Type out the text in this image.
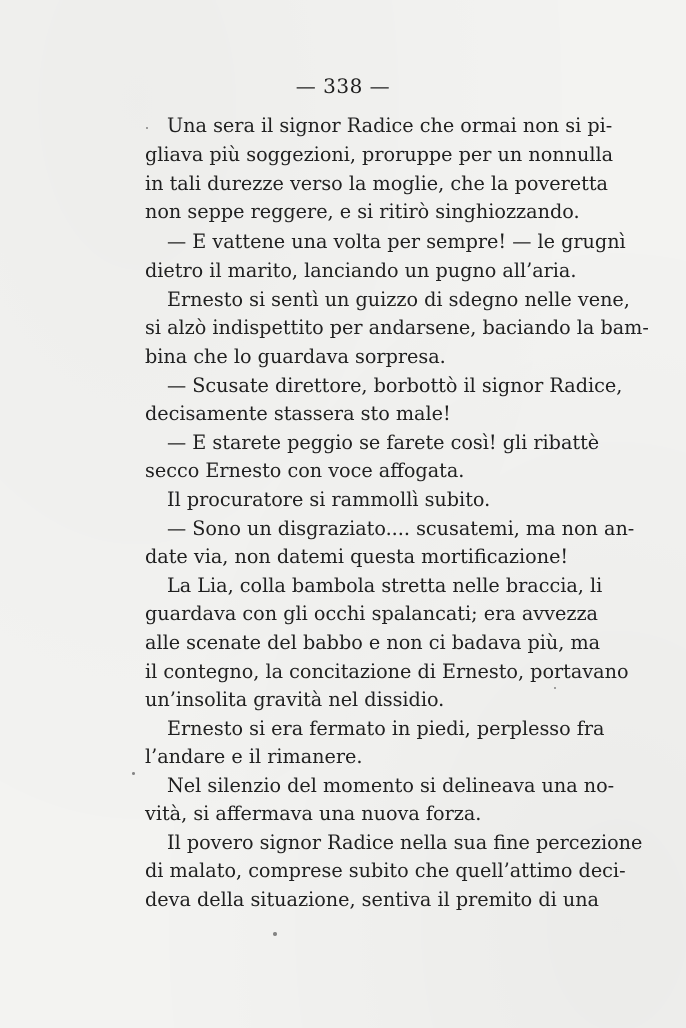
— 338 —
Una sera il signor Radice che ormai non si pi-
gliava più soggezioni, proruppe per un nonnulla
in tali durezze verso la moglie, che la poveretta
non seppe reggere, e si ritirò singhiozzando.
— E vattene una volta per sempre! — le grugnì
dietro il marito, lanciando un pugno all’aria.
Ernesto si sentì un guizzo di sdegno nelle vene,
si alzò indispettito per andarsene, baciando la bam-
bina che lo guardava sorpresa.
— Scusate direttore, borbottò il signor Radice,
decisamente stassera sto male!
— E starete peggio se farete così! gli ribattè
secco Ernesto con voce affogata.
Il procuratore si rammollì subito.
— Sono un disgraziato.... scusatemi, ma non an-
date via, non datemi questa mortificazione!
La Lia, colla bambola stretta nelle braccia, li
guardava con gli occhi spalancati; era avvezza
alle scenate del babbo e non ci badava più, ma
il contegno, la concitazione di Ernesto, portavano
un’insolita gravità nel dissidio.
Ernesto si era fermato in piedi, perplesso fra
l’andare e il rimanere.
Nel silenzio del momento si delineava una no-
vità, si affermava una nuova forza.
Il povero signor Radice nella sua fine percezione
di malato, comprese subito che quell’attimo deci-
deva della situazione, sentiva il premito di una
